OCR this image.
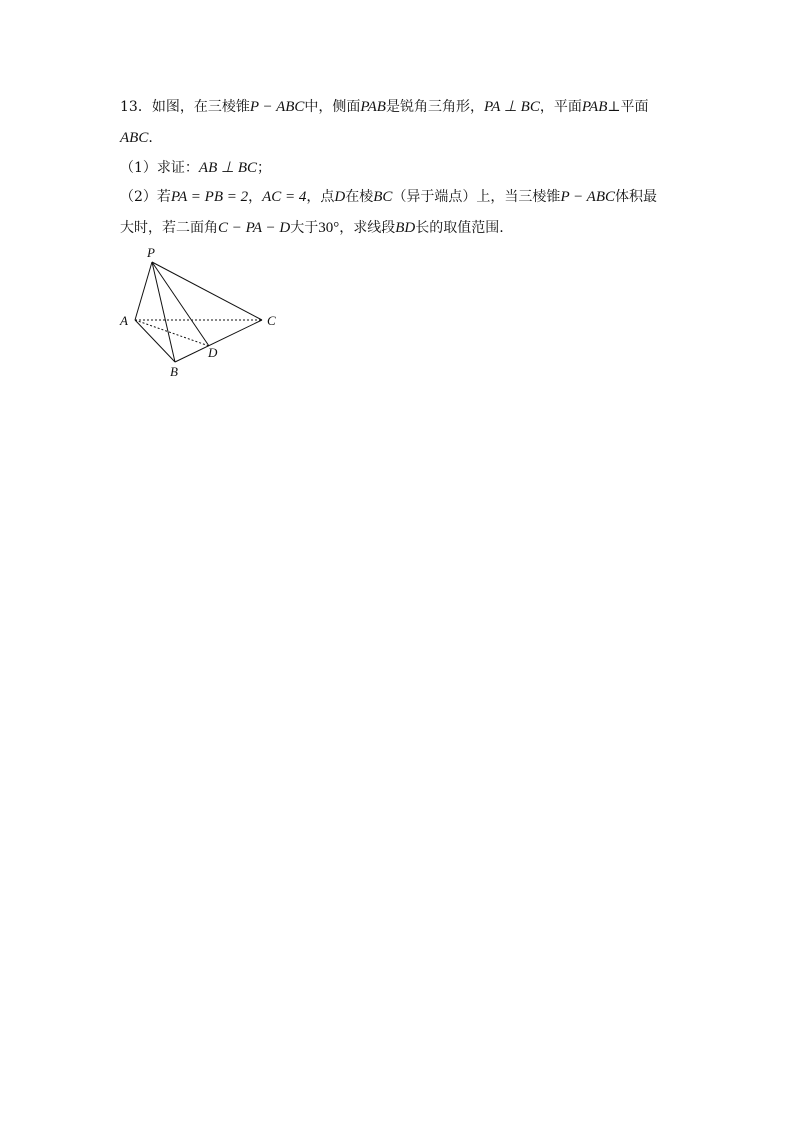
13．如图，在三棱锥P − ABC中，侧面PAB是锐角三角形，PA ⊥ BC，平面PAB⊥平面
ABC.
（1）求证：AB ⊥ BC；
（2）若PA = PB = 2，AC = 4，点D在棱BC（异于端点）上，当三棱锥P − ABC体积最
大时，若二面角C − PA − D大于30°，求线段BD长的取值范围.
P
A
B
C
D
